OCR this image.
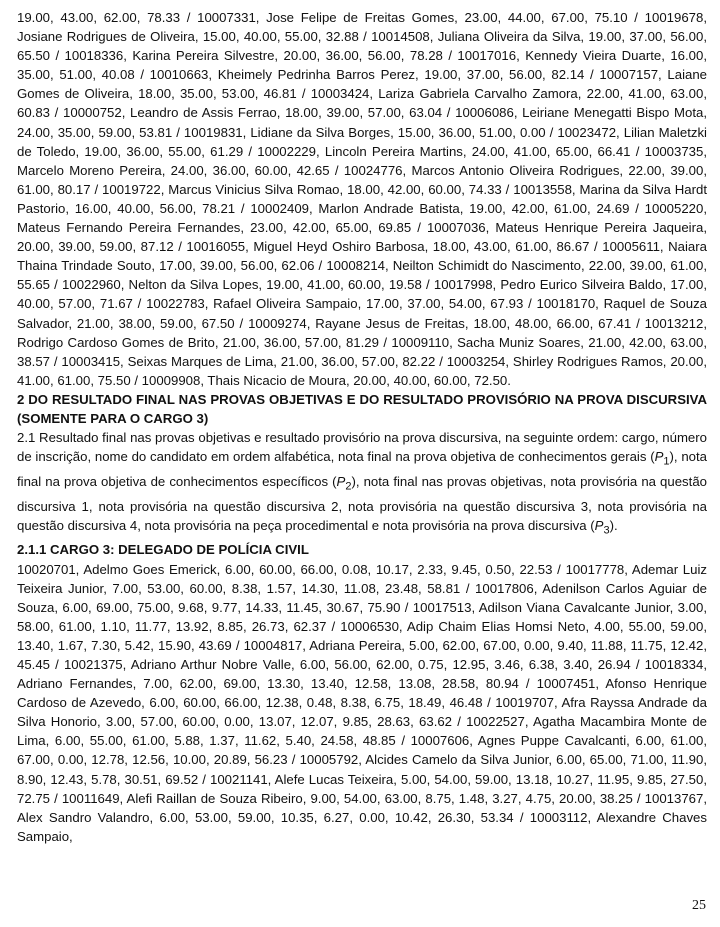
19.00, 43.00, 62.00, 78.33 / 10007331, Jose Felipe de Freitas Gomes, 23.00, 44.00, 67.00, 75.10 / 10019678, Josiane Rodrigues de Oliveira, 15.00, 40.00, 55.00, 32.88 / 10014508, Juliana Oliveira da Silva, 19.00, 37.00, 56.00, 65.50 / 10018336, Karina Pereira Silvestre, 20.00, 36.00, 56.00, 78.28 / 10017016, Kennedy Vieira Duarte, 16.00, 35.00, 51.00, 40.08 / 10010663, Kheimely Pedrinha Barros Perez, 19.00, 37.00, 56.00, 82.14 / 10007157, Laiane Gomes de Oliveira, 18.00, 35.00, 53.00, 46.81 / 10003424, Lariza Gabriela Carvalho Zamora, 22.00, 41.00, 63.00, 60.83 / 10000752, Leandro de Assis Ferrao, 18.00, 39.00, 57.00, 63.04 / 10006086, Leiriane Menegatti Bispo Mota, 24.00, 35.00, 59.00, 53.81 / 10019831, Lidiane da Silva Borges, 15.00, 36.00, 51.00, 0.00 / 10023472, Lilian Maletzki de Toledo, 19.00, 36.00, 55.00, 61.29 / 10002229, Lincoln Pereira Martins, 24.00, 41.00, 65.00, 66.41 / 10003735, Marcelo Moreno Pereira, 24.00, 36.00, 60.00, 42.65 / 10024776, Marcos Antonio Oliveira Rodrigues, 22.00, 39.00, 61.00, 80.17 / 10019722, Marcus Vinicius Silva Romao, 18.00, 42.00, 60.00, 74.33 / 10013558, Marina da Silva Hardt Pastorio, 16.00, 40.00, 56.00, 78.21 / 10002409, Marlon Andrade Batista, 19.00, 42.00, 61.00, 24.69 / 10005220, Mateus Fernando Pereira Fernandes, 23.00, 42.00, 65.00, 69.85 / 10007036, Mateus Henrique Pereira Jaqueira, 20.00, 39.00, 59.00, 87.12 / 10016055, Miguel Heyd Oshiro Barbosa, 18.00, 43.00, 61.00, 86.67 / 10005611, Naiara Thaina Trindade Souto, 17.00, 39.00, 56.00, 62.06 / 10008214, Neilton Schimidt do Nascimento, 22.00, 39.00, 61.00, 55.65 / 10022960, Nelton da Silva Lopes, 19.00, 41.00, 60.00, 19.58 / 10017998, Pedro Eurico Silveira Baldo, 17.00, 40.00, 57.00, 71.67 / 10022783, Rafael Oliveira Sampaio, 17.00, 37.00, 54.00, 67.93 / 10018170, Raquel de Souza Salvador, 21.00, 38.00, 59.00, 67.50 / 10009274, Rayane Jesus de Freitas, 18.00, 48.00, 66.00, 67.41 / 10013212, Rodrigo Cardoso Gomes de Brito, 21.00, 36.00, 57.00, 81.29 / 10009110, Sacha Muniz Soares, 21.00, 42.00, 63.00, 38.57 / 10003415, Seixas Marques de Lima, 21.00, 36.00, 57.00, 82.22 / 10003254, Shirley Rodrigues Ramos, 20.00, 41.00, 61.00, 75.50 / 10009908, Thais Nicacio de Moura, 20.00, 40.00, 60.00, 72.50.

2 DO RESULTADO FINAL NAS PROVAS OBJETIVAS E DO RESULTADO PROVISÓRIO NA PROVA DISCURSIVA (SOMENTE PARA O CARGO 3)

2.1 Resultado final nas provas objetivas e resultado provisório na prova discursiva, na seguinte ordem: cargo, número de inscrição, nome do candidato em ordem alfabética, nota final na prova objetiva de conhecimentos gerais $(P_1)$, nota final na prova objetiva de conhecimentos específicos $(P_2)$, nota final nas provas objetivas, nota provisória na questão discursiva 1, nota provisória na questão discursiva 2, nota provisória na questão discursiva 3, nota provisória na questão discursiva 4, nota provisória na peça procedimental e nota provisória na prova discursiva $(P_3)$.

2.1.1 CARGO 3: DELEGADO DE POLÍCIA CIVIL

10020701, Adelmo Goes Emerick, 6.00, 60.00, 66.00, 0.08, 10.17, 2.33, 9.45, 0.50, 22.53 / 10017778, Ademar Luiz Teixeira Junior, 7.00, 53.00, 60.00, 8.38, 1.57, 14.30, 11.08, 23.48, 58.81 / 10017806, Adenilson Carlos Aguiar de Souza, 6.00, 69.00, 75.00, 9.68, 9.77, 14.33, 11.45, 30.67, 75.90 / 10017513, Adilson Viana Cavalcante Junior, 3.00, 58.00, 61.00, 1.10, 11.77, 13.92, 8.85, 26.73, 62.37 / 10006530, Adip Chaim Elias Homsi Neto, 4.00, 55.00, 59.00, 13.40, 1.67, 7.30, 5.42, 15.90, 43.69 / 10004817, Adriana Pereira, 5.00, 62.00, 67.00, 0.00, 9.40, 11.88, 11.75, 12.42, 45.45 / 10021375, Adriano Arthur Nobre Valle, 6.00, 56.00, 62.00, 0.75, 12.95, 3.46, 6.38, 3.40, 26.94 / 10018334, Adriano Fernandes, 7.00, 62.00, 69.00, 13.30, 13.40, 12.58, 13.08, 28.58, 80.94 / 10007451, Afonso Henrique Cardoso de Azevedo, 6.00, 60.00, 66.00, 12.38, 0.48, 8.38, 6.75, 18.49, 46.48 / 10019707, Afra Rayssa Andrade da Silva Honorio, 3.00, 57.00, 60.00, 0.00, 13.07, 12.07, 9.85, 28.63, 63.62 / 10022527, Agatha Macambira Monte de Lima, 6.00, 55.00, 61.00, 5.88, 1.37, 11.62, 5.40, 24.58, 48.85 / 10007606, Agnes Puppe Cavalcanti, 6.00, 61.00, 67.00, 0.00, 12.78, 12.56, 10.00, 20.89, 56.23 / 10005792, Alcides Camelo da Silva Junior, 6.00, 65.00, 71.00, 11.90, 8.90, 12.43, 5.78, 30.51, 69.52 / 10021141, Alefe Lucas Teixeira, 5.00, 54.00, 59.00, 13.18, 10.27, 11.95, 9.85, 27.50, 72.75 / 10011649, Alefi Raillan de Souza Ribeiro, 9.00, 54.00, 63.00, 8.75, 1.48, 3.27, 4.75, 20.00, 38.25 / 10013767, Alex Sandro Valandro, 6.00, 53.00, 59.00, 10.35, 6.27, 0.00, 10.42, 26.30, 53.34 / 10003112, Alexandre Chaves Sampaio,

25
